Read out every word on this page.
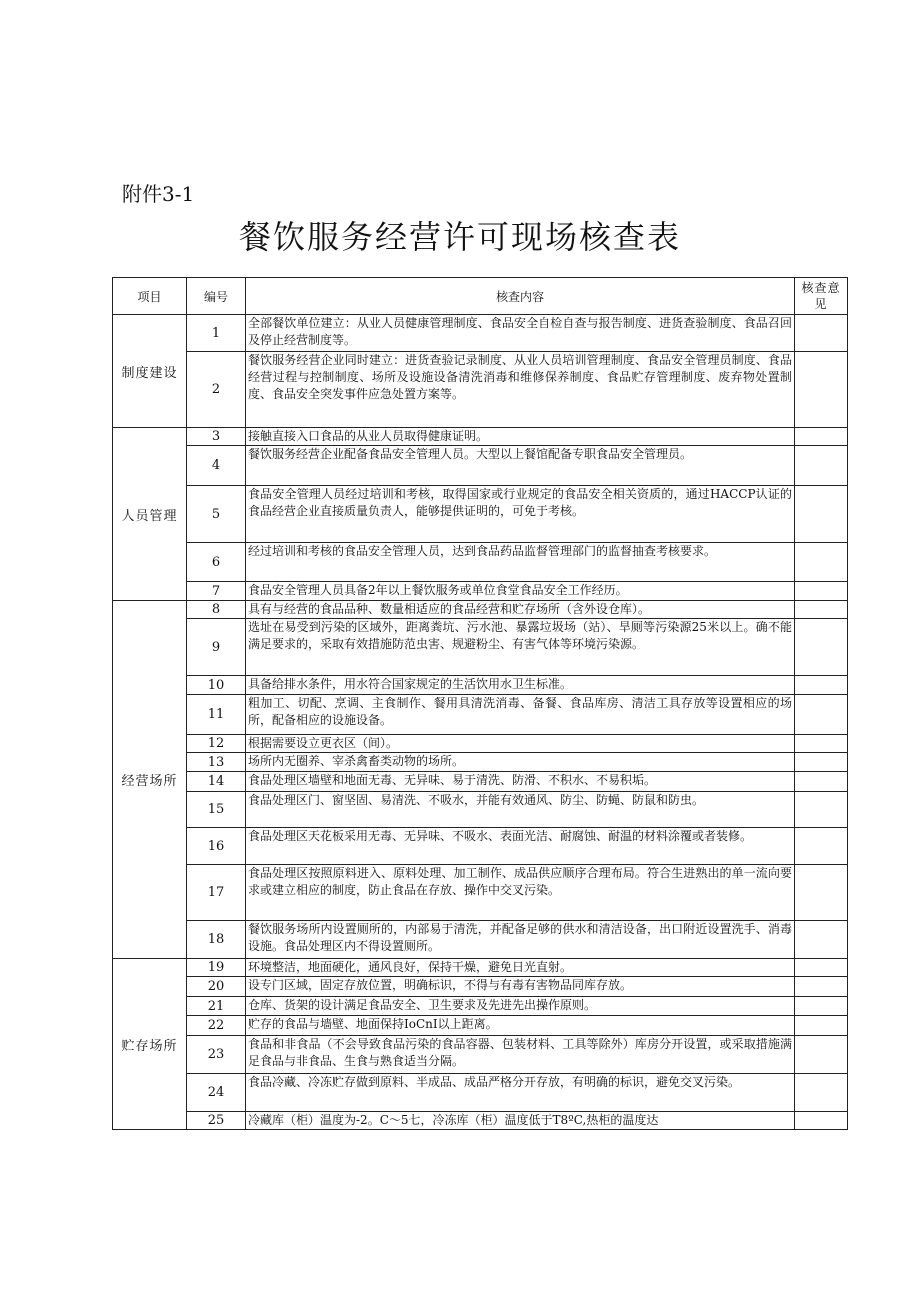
附件3-1
餐饮服务经营许可现场核查表
项目	编号	核查内容	核查意见
制度建设	1	全部餐饮单位建立：从业人员健康管理制度、食品安全自检自查与报告制度、进货查验制度、食品召回及停止经营制度等。	
	2	餐饮服务经营企业同时建立：进货查验记录制度、从业人员培训管理制度、食品安全管理员制度、食品经营过程与控制制度、场所及设施设备清洗消毒和维修保养制度、食品贮存管理制度、废弃物处置制度、食品安全突发事件应急处置方案等。	
人员管理	3	接触直接入口食品的从业人员取得健康证明。	
	4	餐饮服务经营企业配备食品安全管理人员。大型以上餐馆配备专职食品安全管理员。	
	5	食品安全管理人员经过培训和考核，取得国家或行业规定的食品安全相关资质的，通过HACCP认证的食品经营企业直接质量负责人，能够提供证明的，可免于考核。	
	6	经过培训和考核的食品安全管理人员，达到食品药品监督管理部门的监督抽查考核要求。	
	7	食品安全管理人员具备2年以上餐饮服务或单位食堂食品安全工作经历。	
经营场所	8	具有与经营的食品品种、数量相适应的食品经营和贮存场所（含外设仓库）。	
	9	选址在易受到污染的区域外，距离粪坑、污水池、暴露垃圾场（站）、旱厕等污染源25米以上。确不能满足要求的，采取有效措施防范虫害、规避粉尘、有害气体等环境污染源。	
	10	具备给排水条件，用水符合国家规定的生活饮用水卫生标准。	
	11	粗加工、切配、烹调、主食制作、餐用具清洗消毒、备餐、食品库房、清洁工具存放等设置相应的场所，配备相应的设施设备。	
	12	根据需要设立更衣区（间）。	
	13	场所内无圈养、宰杀禽畜类动物的场所。	
	14	食品处理区墙壁和地面无毒、无异味、易于清洗、防滑、不积水、不易积垢。	
	15	食品处理区门、窗坚固、易清洗、不吸水，并能有效通风、防尘、防蝇、防鼠和防虫。	
	16	食品处理区天花板采用无毒、无异味、不吸水、表面光洁、耐腐蚀、耐温的材料涂覆或者装修。	
	17	食品处理区按照原料进入、原料处理、加工制作、成品供应顺序合理布局。符合生进熟出的单一流向要求或建立相应的制度，防止食品在存放、操作中交叉污染。	
	18	餐饮服务场所内设置厕所的，内部易于清洗，并配备足够的供水和清洁设备，出口附近设置洗手、消毒设施。食品处理区内不得设置厕所。	
贮存场所	19	环境整洁，地面硬化，通风良好，保持干燥，避免日光直射。	
	20	设专门区域，固定存放位置，明确标识，不得与有毒有害物品同库存放。	
	21	仓库、货架的设计满足食品安全、卫生要求及先进先出操作原则。	
	22	贮存的食品与墙壁、地面保持IoCnI以上距离。	
	23	食品和非食品（不会导致食品污染的食品容器、包装材料、工具等除外）库房分开设置，或采取措施满足食品与非食品、生食与熟食适当分隔。	
	24	食品冷藏、冷冻贮存做到原料、半成品、成品严格分开存放，有明确的标识，避免交叉污染。	
	25	冷藏库（柜）温度为-2。C～5七，冷冻库（柜）温度低于T8ºC,热柜的温度达	
